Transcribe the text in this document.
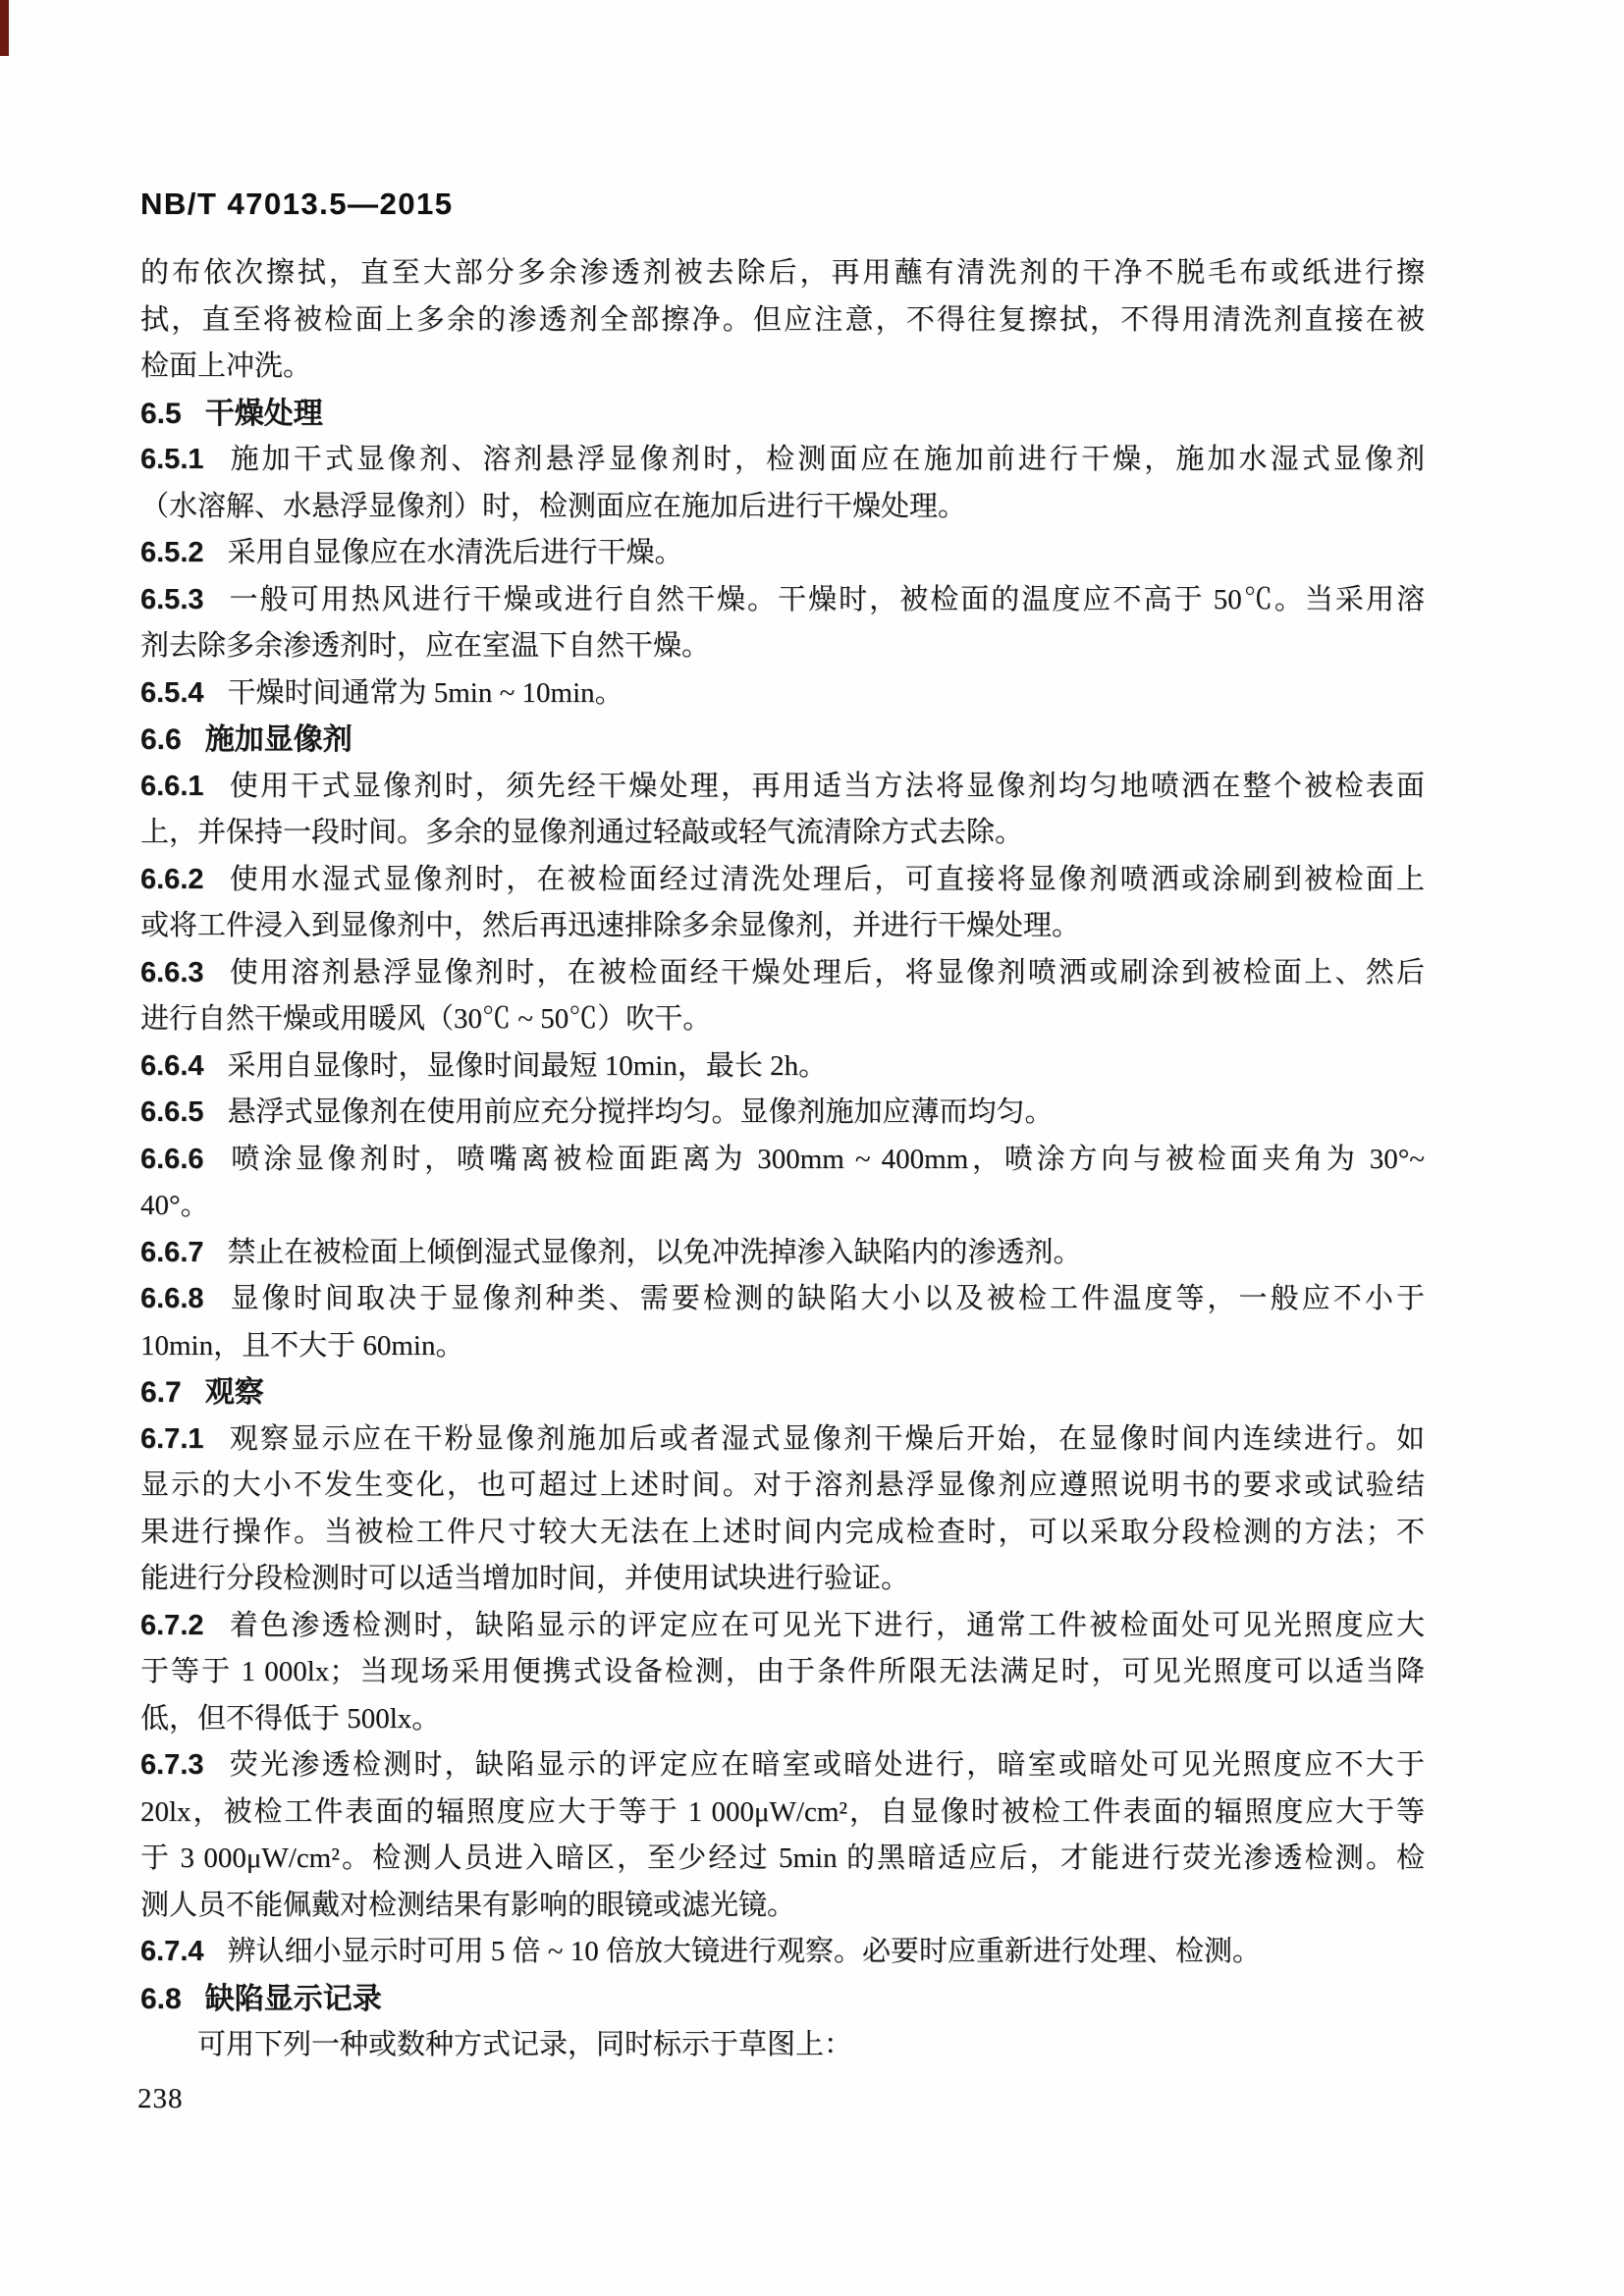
NB/T 47013.5—2015
的布依次擦拭，直至大部分多余渗透剂被去除后，再用蘸有清洗剂的干净不脱毛布或纸进行擦
拭，直至将被检面上多余的渗透剂全部擦净。但应注意，不得往复擦拭，不得用清洗剂直接在被
检面上冲洗。
6.5 干燥处理
6.5.1 施加干式显像剂、溶剂悬浮显像剂时，检测面应在施加前进行干燥，施加水湿式显像剂
（水溶解、水悬浮显像剂）时，检测面应在施加后进行干燥处理。
6.5.2 采用自显像应在水清洗后进行干燥。
6.5.3 一般可用热风进行干燥或进行自然干燥。干燥时，被检面的温度应不高于 50℃。当采用溶
剂去除多余渗透剂时，应在室温下自然干燥。
6.5.4 干燥时间通常为 5min ~ 10min。
6.6 施加显像剂
6.6.1 使用干式显像剂时，须先经干燥处理，再用适当方法将显像剂均匀地喷洒在整个被检表面
上，并保持一段时间。多余的显像剂通过轻敲或轻气流清除方式去除。
6.6.2 使用水湿式显像剂时，在被检面经过清洗处理后，可直接将显像剂喷洒或涂刷到被检面上
或将工件浸入到显像剂中，然后再迅速排除多余显像剂，并进行干燥处理。
6.6.3 使用溶剂悬浮显像剂时，在被检面经干燥处理后，将显像剂喷洒或刷涂到被检面上、然后
进行自然干燥或用暖风（30℃ ~ 50℃）吹干。
6.6.4 采用自显像时，显像时间最短 10min，最长 2h。
6.6.5 悬浮式显像剂在使用前应充分搅拌均匀。显像剂施加应薄而均匀。
6.6.6 喷涂显像剂时，喷嘴离被检面距离为 300mm ~ 400mm，喷涂方向与被检面夹角为 30°~
40°。
6.6.7 禁止在被检面上倾倒湿式显像剂，以免冲洗掉渗入缺陷内的渗透剂。
6.6.8 显像时间取决于显像剂种类、需要检测的缺陷大小以及被检工件温度等，一般应不小于
10min，且不大于 60min。
6.7 观察
6.7.1 观察显示应在干粉显像剂施加后或者湿式显像剂干燥后开始，在显像时间内连续进行。如
显示的大小不发生变化，也可超过上述时间。对于溶剂悬浮显像剂应遵照说明书的要求或试验结
果进行操作。当被检工件尺寸较大无法在上述时间内完成检查时，可以采取分段检测的方法；不
能进行分段检测时可以适当增加时间，并使用试块进行验证。
6.7.2 着色渗透检测时，缺陷显示的评定应在可见光下进行，通常工件被检面处可见光照度应大
于等于 1 000lx；当现场采用便携式设备检测，由于条件所限无法满足时，可见光照度可以适当降
低，但不得低于 500lx。
6.7.3 荧光渗透检测时，缺陷显示的评定应在暗室或暗处进行，暗室或暗处可见光照度应不大于
20lx，被检工件表面的辐照度应大于等于 1 000μW/cm²，自显像时被检工件表面的辐照度应大于等
于 3 000μW/cm²。检测人员进入暗区，至少经过 5min 的黑暗适应后，才能进行荧光渗透检测。检
测人员不能佩戴对检测结果有影响的眼镜或滤光镜。
6.7.4 辨认细小显示时可用 5 倍 ~ 10 倍放大镜进行观察。必要时应重新进行处理、检测。
6.8 缺陷显示记录
可用下列一种或数种方式记录，同时标示于草图上：
238
